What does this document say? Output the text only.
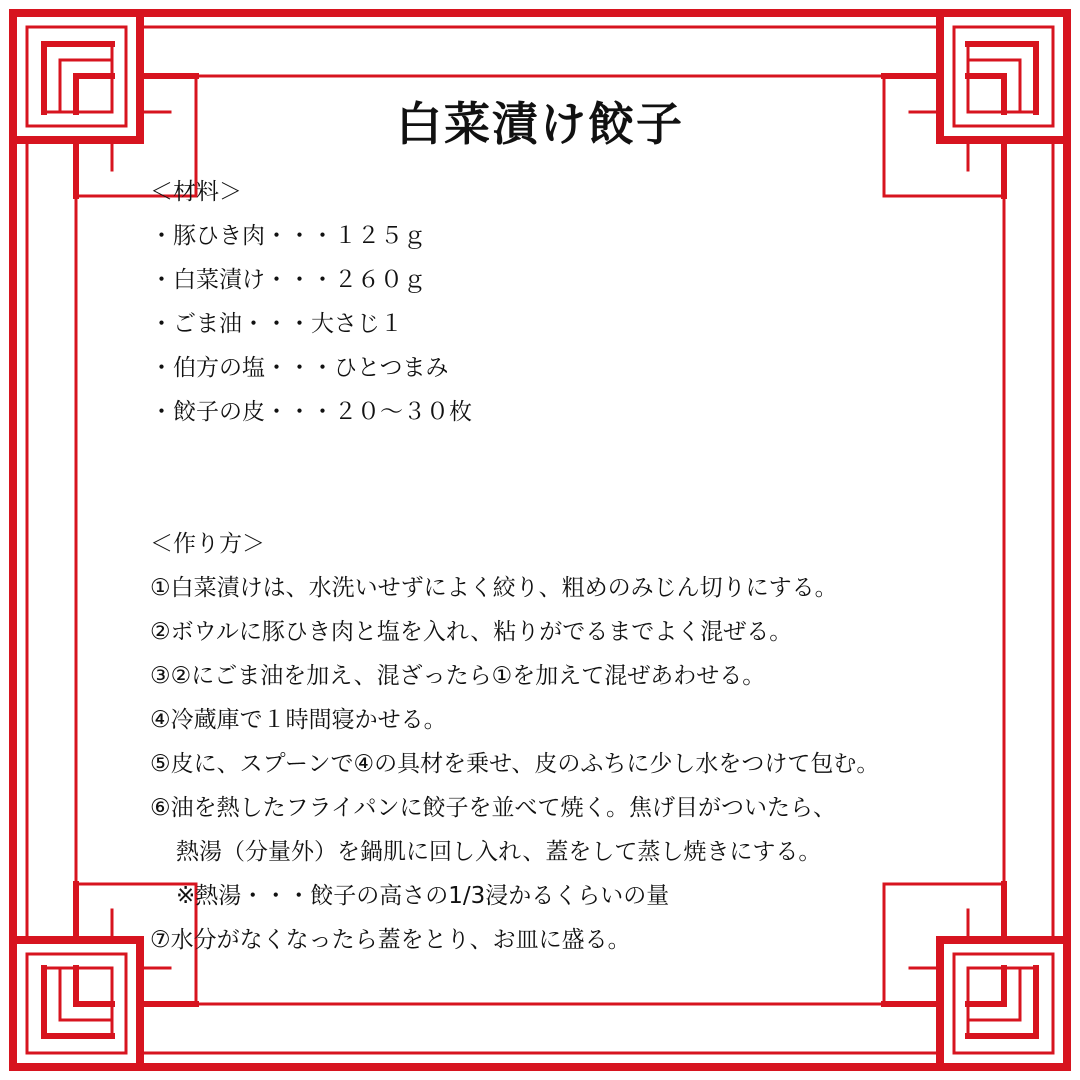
白菜漬け餃子
＜材料＞
・豚ひき肉・・・１２５ｇ
・白菜漬け・・・２６０ｇ
・ごま油・・・大さじ１
・伯方の塩・・・ひとつまみ
・餃子の皮・・・２０～３０枚
＜作り方＞
①白菜漬けは、水洗いせずによく絞り、粗めのみじん切りにする。
②ボウルに豚ひき肉と塩を入れ、粘りがでるまでよく混ぜる。
③②にごま油を加え、混ざったら①を加えて混ぜあわせる。
④冷蔵庫で１時間寝かせる。
⑤皮に、スプーンで④の具材を乗せ、皮のふちに少し水をつけて包む。
⑥油を熱したフライパンに餃子を並べて焼く。焦げ目がついたら、
熱湯（分量外）を鍋肌に回し入れ、蓋をして蒸し焼きにする。
※熱湯・・・餃子の高さの1/3浸かるくらいの量
⑦水分がなくなったら蓋をとり、お皿に盛る。
